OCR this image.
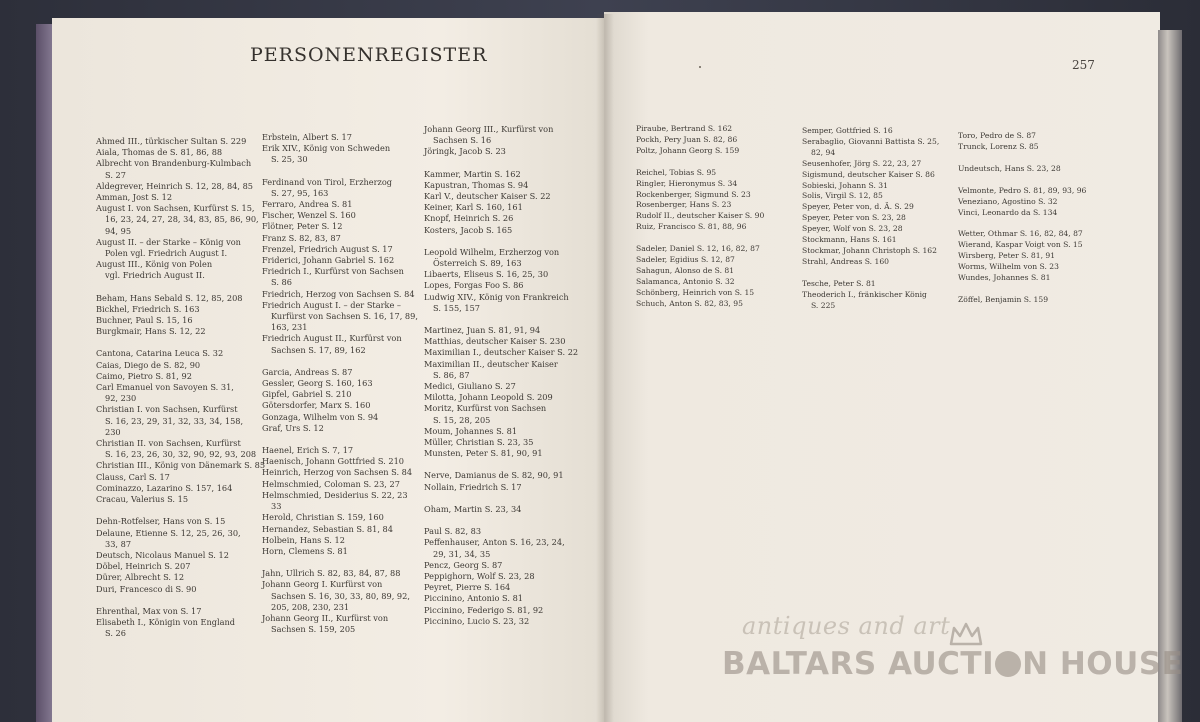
PERSONENREGISTER	257
Ahmed III., türkischer Sultan S. 229
Aiala, Thomas de S. 81, 86, 88
Albrecht von Brandenburg-Kulmbach
S. 27
Aldegrever, Heinrich S. 12, 28, 84, 85
Amman, Jost S. 12
August I. von Sachsen, Kurfürst S. 15,
16, 23, 24, 27, 28, 34, 83, 85, 86, 90,
94, 95
August II. – der Starke – König von
Polen vgl. Friedrich August I.
August III., König von Polen
vgl. Friedrich August II.
Beham, Hans Sebald S. 12, 85, 208
Bickhel, Friedrich S. 163
Buchner, Paul S. 15, 16
Burgkmair, Hans S. 12, 22
Cantona, Catarina Leuca S. 32
Caias, Diego de S. 82, 90
Caimo, Pietro S. 81, 92
Carl Emanuel von Savoyen S. 31,
92, 230
Christian I. von Sachsen, Kurfürst
S. 16, 23, 29, 31, 32, 33, 34, 158,
230
Christian II. von Sachsen, Kurfürst
S. 16, 23, 26, 30, 32, 90, 92, 93, 208
Christian III., König von Dänemark S. 85
Clauss, Carl S. 17
Cominazzo, Lazarino S. 157, 164
Cracau, Valerius S. 15
Dehn-Rotfelser, Hans von S. 15
Delaune, Etienne S. 12, 25, 26, 30,
33, 87
Deutsch, Nicolaus Manuel S. 12
Döbel, Heinrich S. 207
Dürer, Albrecht S. 12
Duri, Francesco di S. 90
Ehrenthal, Max von S. 17
Elisabeth I., Königin von England
S. 26
Erbstein, Albert S. 17
Erik XIV., König von Schweden
S. 25, 30
Ferdinand von Tirol, Erzherzog
S. 27, 95, 163
Ferraro, Andrea S. 81
Fischer, Wenzel S. 160
Flötner, Peter S. 12
Franz S. 82, 83, 87
Frenzel, Friedrich August S. 17
Friderici, Johann Gabriel S. 162
Friedrich I., Kurfürst von Sachsen
S. 86
Friedrich, Herzog von Sachsen S. 84
Friedrich August I. – der Starke –
Kurfürst von Sachsen S. 16, 17, 89,
163, 231
Friedrich August II., Kurfürst von
Sachsen S. 17, 89, 162
Garcia, Andreas S. 87
Gessler, Georg S. 160, 163
Gipfel, Gabriel S. 210
Götersdorfer, Marx S. 160
Gonzaga, Wilhelm von S. 94
Graf, Urs S. 12
Haenel, Erich S. 7, 17
Haenisch, Johann Gottfried S. 210
Heinrich, Herzog von Sachsen S. 84
Helmschmied, Coloman S. 23, 27
Helmschmied, Desiderius S. 22, 23
33
Herold, Christian S. 159, 160
Hernandez, Sebastian S. 81, 84
Holbein, Hans S. 12
Horn, Clemens S. 81
Jahn, Ullrich S. 82, 83, 84, 87, 88
Johann Georg I. Kurfürst von
Sachsen S. 16, 30, 33, 80, 89, 92,
205, 208, 230, 231
Johann Georg II., Kurfürst von
Sachsen S. 159, 205
Johann Georg III., Kurfürst von
Sachsen S. 16
Jöringk, Jacob S. 23
Kammer, Martin S. 162
Kapustran, Thomas S. 94
Karl V., deutscher Kaiser S. 22
Keiner, Karl S. 160, 161
Knopf, Heinrich S. 26
Kosters, Jacob S. 165
Leopold Wilhelm, Erzherzog von
Österreich S. 89, 163
Libaerts, Eliseus S. 16, 25, 30
Lopes, Forgas Foo S. 86
Ludwig XIV., König von Frankreich
S. 155, 157
Martinez, Juan S. 81, 91, 94
Matthias, deutscher Kaiser S. 230
Maximilian I., deutscher Kaiser S. 22
Maximilian II., deutscher Kaiser
S. 86, 87
Medici, Giuliano S. 27
Milotta, Johann Leopold S. 209
Moritz, Kurfürst von Sachsen
S. 15, 28, 205
Moum, Johannes S. 81
Müller, Christian S. 23, 35
Munsten, Peter S. 81, 90, 91
Nerve, Damianus de S. 82, 90, 91
Nollain, Friedrich S. 17
Oham, Martin S. 23, 34
Paul S. 82, 83
Peffenhauser, Anton S. 16, 23, 24,
29, 31, 34, 35
Pencz, Georg S. 87
Peppighorn, Wolf S. 23, 28
Peyret, Pierre S. 164
Piccinino, Antonio S. 81
Piccinino, Federigo S. 81, 92
Piccinino, Lucio S. 23, 32
Piraube, Bertrand S. 162
Pockh, Pery Juan S. 82, 86
Poltz, Johann Georg S. 159
Reichel, Tobias S. 95
Ringler, Hieronymus S. 34
Rockenberger, Sigmund S. 23
Rosenberger, Hans S. 23
Rudolf II., deutscher Kaiser S. 90
Ruiz, Francisco S. 81, 88, 96
Sadeler, Daniel S. 12, 16, 82, 87
Sadeler, Egidius S. 12, 87
Sahagun, Alonso de S. 81
Salamanca, Antonio S. 32
Schönberg, Heinrich von S. 15
Schuch, Anton S. 82, 83, 95
Semper, Gottfried S. 16
Serabaglio, Giovanni Battista S. 25,
82, 94
Seusenhofer, Jörg S. 22, 23, 27
Sigismund, deutscher Kaiser S. 86
Sobieski, Johann S. 31
Solis, Virgil S. 12, 85
Speyer, Peter von, d. Ä. S. 29
Speyer, Peter von S. 23, 28
Speyer, Wolf von S. 23, 28
Stockmann, Hans S. 161
Stockmar, Johann Christoph S. 162
Strahl, Andreas S. 160
Tesche, Peter S. 81
Theoderich I., fränkischer König
S. 225
Toro, Pedro de S. 87
Trunck, Lorenz S. 85
Undeutsch, Hans S. 23, 28
Velmonte, Pedro S. 81, 89, 93, 96
Veneziano, Agostino S. 32
Vinci, Leonardo da S. 134
Wetter, Othmar S. 16, 82, 84, 87
Wierand, Kaspar Voigt von S. 15
Wirsberg, Peter S. 81, 91
Worms, Wilhelm von S. 23
Wundes, Johannes S. 81
Zöffel, Benjamin S. 159
antiques and art
BALTARS AUCTI N HOUSE
